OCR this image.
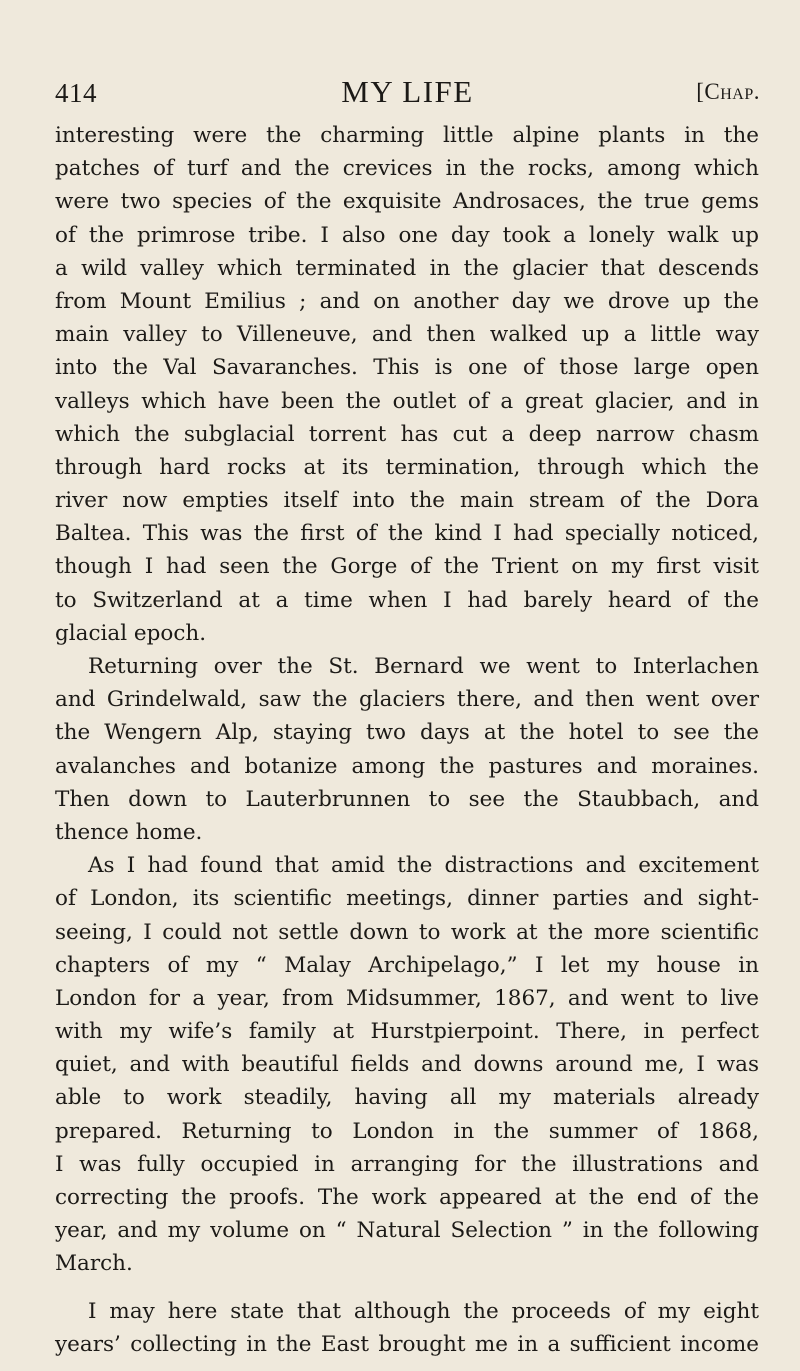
414	MY LIFE	[Chap.
interesting were the charming little alpine plants in the
patches of turf and the crevices in the rocks, among which
were two species of the exquisite Androsaces, the true gems
of the primrose tribe. I also one day took a lonely walk up
a wild valley which terminated in the glacier that descends
from Mount Emilius ; and on another day we drove up the
main valley to Villeneuve, and then walked up a little way
into the Val Savaranches. This is one of those large open
valleys which have been the outlet of a great glacier, and in
which the subglacial torrent has cut a deep narrow chasm
through hard rocks at its termination, through which the
river now empties itself into the main stream of the Dora
Baltea. This was the first of the kind I had specially noticed,
though I had seen the Gorge of the Trient on my first visit
to Switzerland at a time when I had barely heard of the
glacial epoch.
Returning over the St. Bernard we went to Interlachen
and Grindelwald, saw the glaciers there, and then went over
the Wengern Alp, staying two days at the hotel to see the
avalanches and botanize among the pastures and moraines.
Then down to Lauterbrunnen to see the Staubbach, and
thence home.
As I had found that amid the distractions and excitement
of London, its scientific meetings, dinner parties and sight-
seeing, I could not settle down to work at the more scientific
chapters of my “ Malay Archipelago,” I let my house in
London for a year, from Midsummer, 1867, and went to live
with my wife’s family at Hurstpierpoint. There, in perfect
quiet, and with beautiful fields and downs around me, I was
able to work steadily, having all my materials already
prepared. Returning to London in the summer of 1868,
I was fully occupied in arranging for the illustrations and
correcting the proofs. The work appeared at the end of the
year, and my volume on “ Natural Selection ” in the following
March.
I may here state that although the proceeds of my eight
years’ collecting in the East brought me in a sufficient income
